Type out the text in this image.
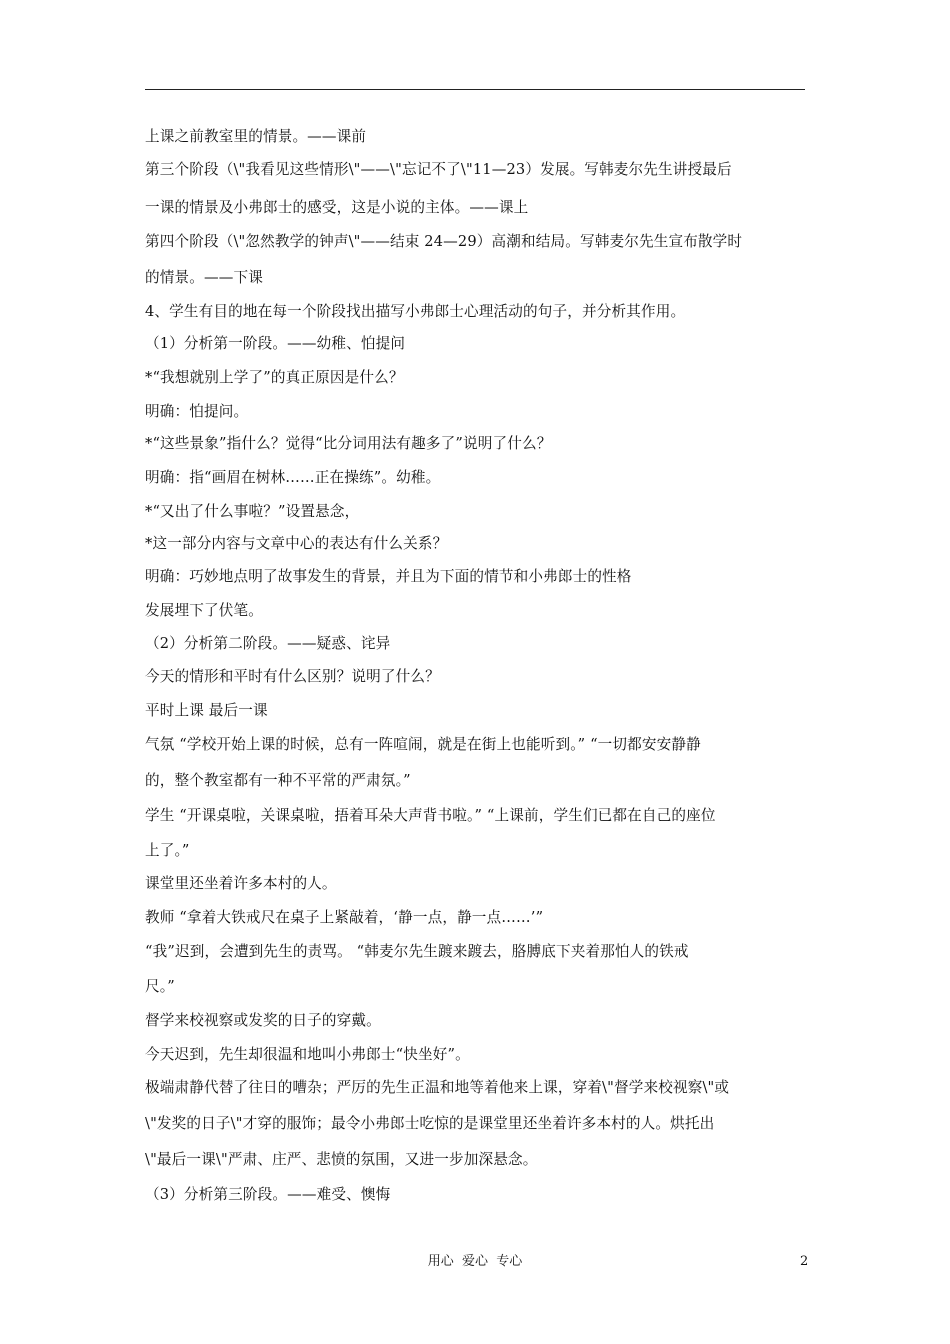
上课之前教室里的情景。——课前
第三个阶段（\"我看见这些情形\"——\"忘记不了\"11—23）发展。写韩麦尔先生讲授最后
一课的情景及小弗郎士的感受，这是小说的主体。——课上
第四个阶段（\"忽然教学的钟声\"——结束 24—29）高潮和结局。写韩麦尔先生宣布散学时
的情景。——下课
4、学生有目的地在每一个阶段找出描写小弗郎士心理活动的句子，并分析其作用。
（1）分析第一阶段。——幼稚、怕提问
*“我想就别上学了”的真正原因是什么？
明确：怕提问。
*“这些景象”指什么？觉得“比分词用法有趣多了”说明了什么？
明确：指“画眉在树林……正在操练”。幼稚。
*“又出了什么事啦？”设置悬念，
*这一部分内容与文章中心的表达有什么关系？
明确：巧妙地点明了故事发生的背景，并且为下面的情节和小弗郎士的性格
发展埋下了伏笔。
（2）分析第二阶段。——疑惑、诧异
今天的情形和平时有什么区别？说明了什么？
平时上课 最后一课
气氛 “学校开始上课的时候，总有一阵喧闹，就是在街上也能听到。” “一切都安安静静
的，整个教室都有一种不平常的严肃氛。”
学生 “开课桌啦，关课桌啦，捂着耳朵大声背书啦。” “上课前，学生们已都在自己的座位
上了。”
课堂里还坐着许多本村的人。
教师 “拿着大铁戒尺在桌子上紧敲着，‘静一点，静一点……’”
“我”迟到，会遭到先生的责骂。 “韩麦尔先生踱来踱去，胳膊底下夹着那怕人的铁戒
尺。”
督学来校视察或发奖的日子的穿戴。
今天迟到，先生却很温和地叫小弗郎士“快坐好”。
极端肃静代替了往日的嘈杂；严厉的先生正温和地等着他来上课，穿着\"督学来校视察\"或
\"发奖的日子\"才穿的服饰；最令小弗郎士吃惊的是课堂里还坐着许多本村的人。烘托出
\"最后一课\"严肃、庄严、悲愤的氛围，又进一步加深悬念。
（3）分析第三阶段。——难受、懊悔
用心  爱心  专心	2
